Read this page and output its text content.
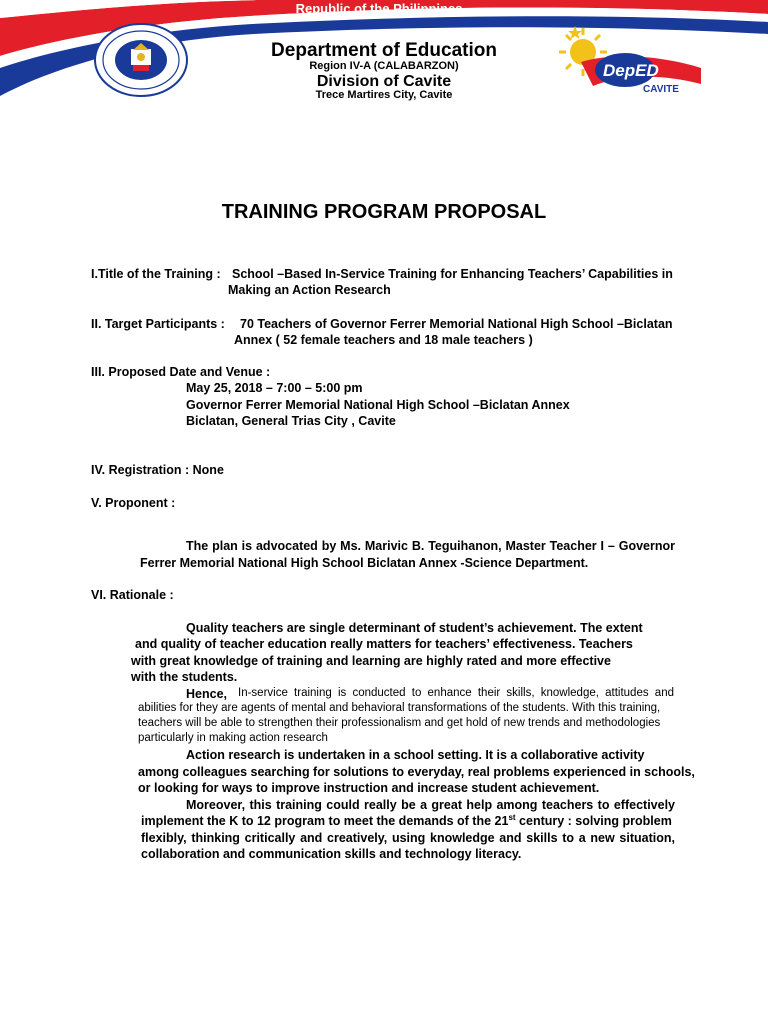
DepED
CAVITE
Republic of the Philippines
Department of Education
Region IV-A (CALABARZON)
Division of Cavite
Trece Martires City, Cavite
TRAINING PROGRAM PROPOSAL
I.Title of the Training : School –Based In-Service Training for Enhancing Teachers’ Capabilities in
Making an Action Research
II. Target Participants : 70 Teachers of Governor Ferrer Memorial National High School –Biclatan
Annex ( 52 female teachers and 18 male teachers )
III. Proposed Date and Venue :
May 25, 2018 – 7:00 – 5:00 pm
Governor Ferrer Memorial National High School –Biclatan Annex
Biclatan, General Trias City , Cavite
IV. Registration : None
V. Proponent :
The plan is advocated by Ms. Marivic B. Teguihanon, Master Teacher I – Governor
Ferrer Memorial National High School Biclatan Annex -Science Department.
VI. Rationale :
Quality teachers are single determinant of student’s achievement. The extent
and quality of teacher education really matters for teachers’ effectiveness. Teachers
with great knowledge of training and learning are highly rated and more effective
with the students.
Hence, In-service training is conducted to enhance their skills, knowledge, attitudes and
abilities for they are agents of mental and behavioral transformations of the students. With this training,
teachers will be able to strengthen their professionalism and get hold of new trends and methodologies
particularly in making action research
Action research is undertaken in a school setting. It is a collaborative activity
among colleagues searching for solutions to everyday, real problems experienced in schools,
or looking for ways to improve instruction and increase student achievement.
Moreover, this training could really be a great help among teachers to effectively
implement the K to 12 program to meet the demands of the 21st century : solving problem
flexibly, thinking critically and creatively, using knowledge and skills to a new situation,
collaboration and communication skills and technology literacy.
